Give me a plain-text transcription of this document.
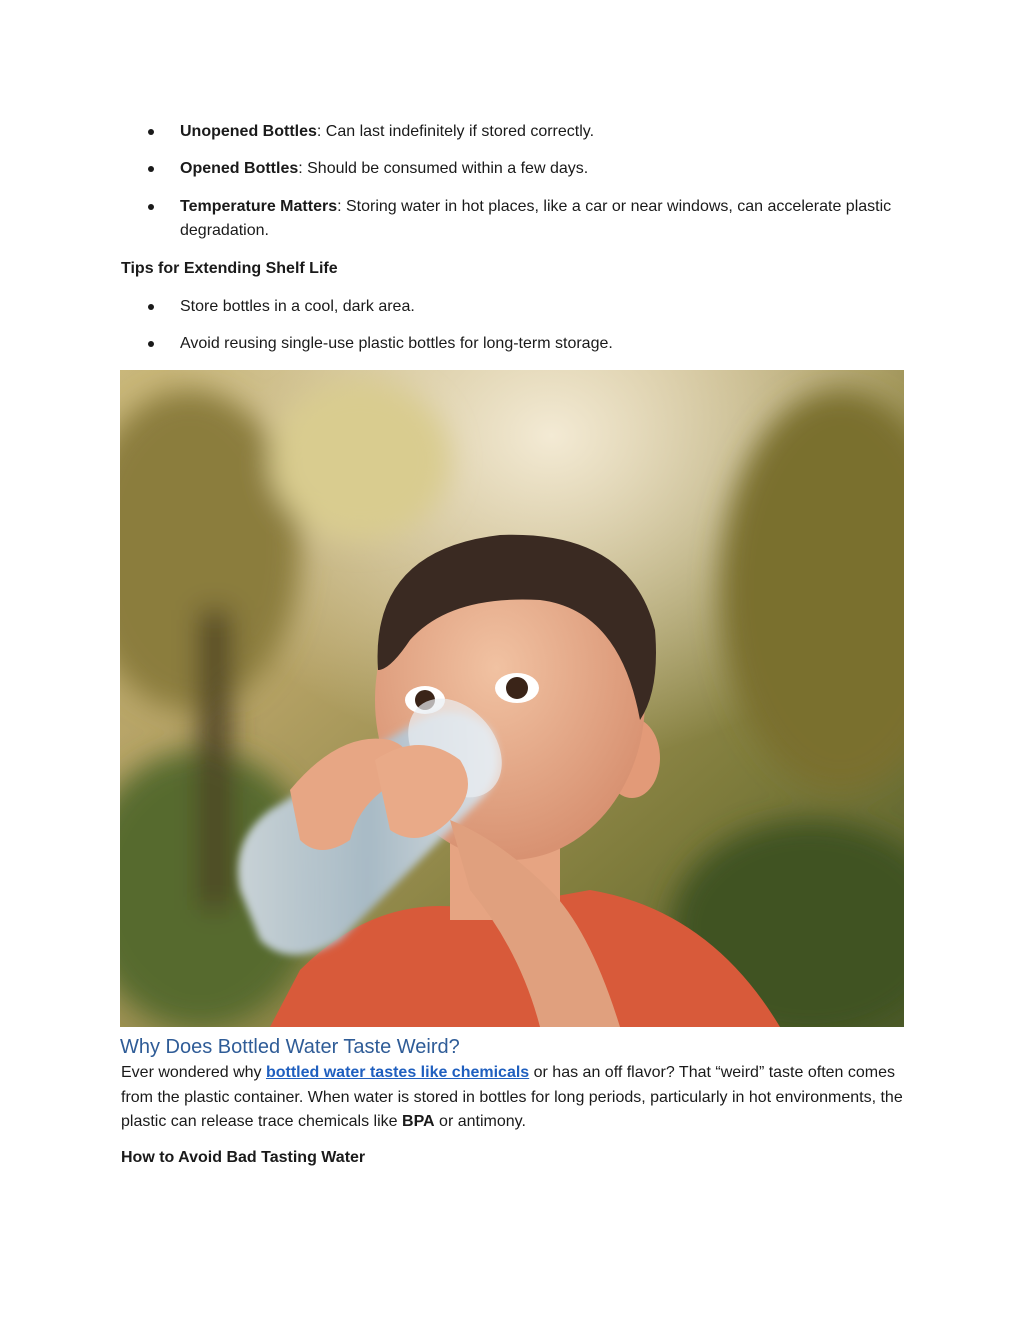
Unopened Bottles: Can last indefinitely if stored correctly.
Opened Bottles: Should be consumed within a few days.
Temperature Matters: Storing water in hot places, like a car or near windows, can accelerate plastic degradation.
Tips for Extending Shelf Life
Store bottles in a cool, dark area.
Avoid reusing single-use plastic bottles for long-term storage.
Why Does Bottled Water Taste Weird?
Ever wondered why bottled water tastes like chemicals or has an off flavor? That “weird” taste often comes from the plastic container. When water is stored in bottles for long periods, particularly in hot environments, the plastic can release trace chemicals like BPA or antimony.
How to Avoid Bad Tasting Water
